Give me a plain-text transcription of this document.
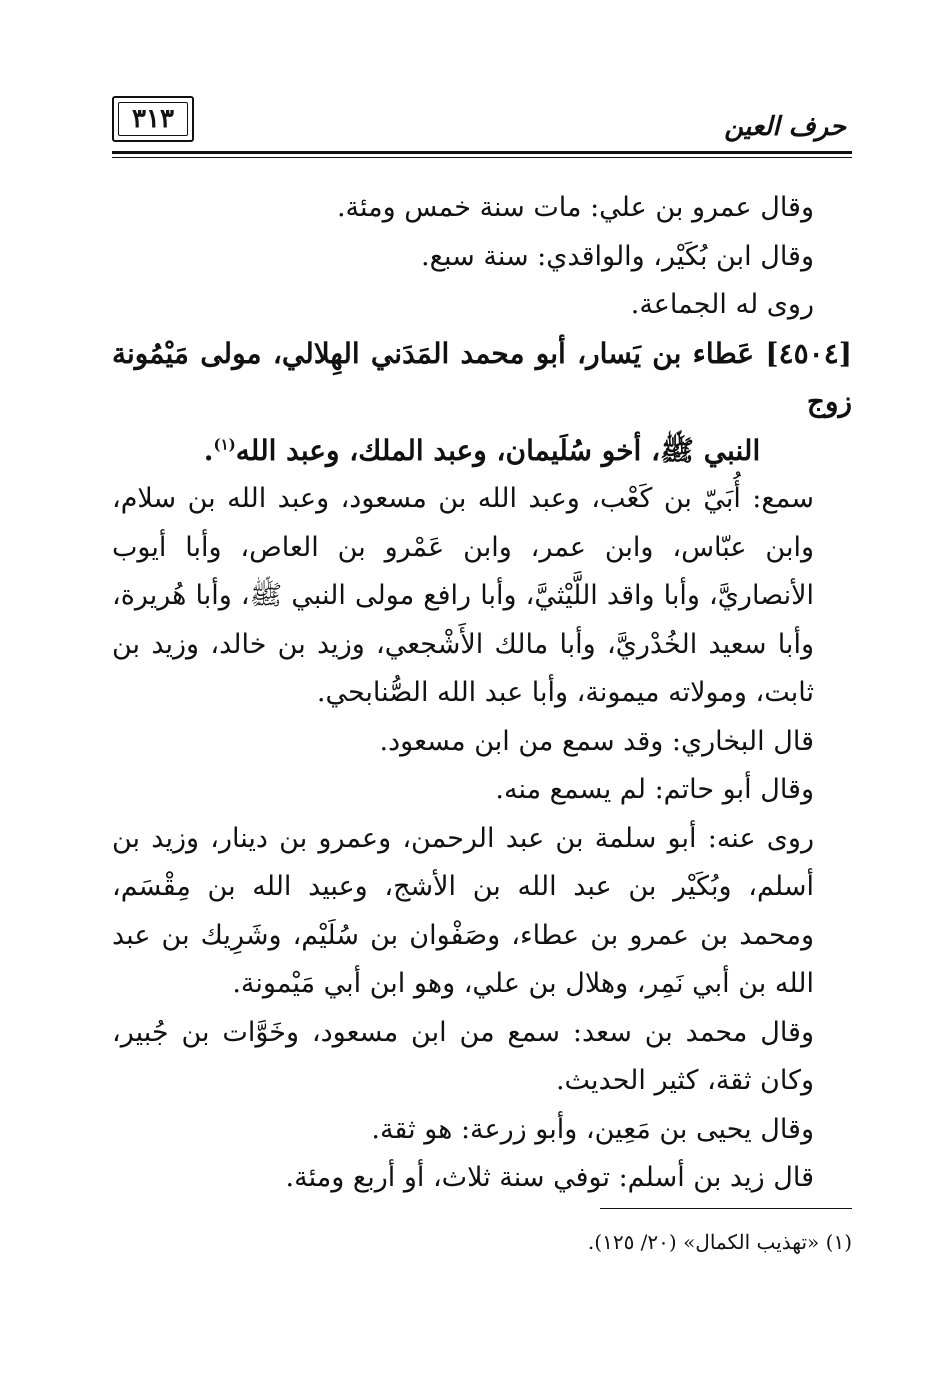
٣١٣	حرف العين

وقال عمرو بن علي: مات سنة خمس ومئة.

وقال ابن بُكَيْر، والواقدي: سنة سبع.

روى له الجماعة.

[٤٥٠٤] عَطاء بن يَسار، أبو محمد المَدَني الهِلالي، مولى مَيْمُونة زوج

النبي ﷺ، أخو سُلَيمان، وعبد الملك، وعبد الله$^{(١)}$.

سمع: أُبَيّ بن كَعْب، وعبد الله بن مسعود، وعبد الله بن سلام، وابن عبّاس، وابن عمر، وابن عَمْرو بن العاص، وأبا أيوب الأنصاريَّ، وأبا واقد اللَّيْثيَّ، وأبا رافع مولى النبي ﷺ، وأبا هُريرة، وأبا سعيد الخُدْريَّ، وأبا مالك الأَشْجعي، وزيد بن خالد، وزيد بن ثابت، ومولاته ميمونة، وأبا عبد الله الصُّنابحي.

قال البخاري: وقد سمع من ابن مسعود.

وقال أبو حاتم: لم يسمع منه.

روى عنه: أبو سلمة بن عبد الرحمن، وعمرو بن دينار، وزيد بن أسلم، وبُكَيْر بن عبد الله بن الأشج، وعبيد الله بن مِقْسَم، ومحمد بن عمرو بن عطاء، وصَفْوان بن سُلَيْم، وشَرِيك بن عبد الله بن أبي نَمِر، وهلال بن علي، وهو ابن أبي مَيْمونة.

وقال محمد بن سعد: سمع من ابن مسعود، وخَوَّات بن جُبير، وكان ثقة، كثير الحديث.

وقال يحيى بن مَعِين، وأبو زرعة: هو ثقة.

قال زيد بن أسلم: توفي سنة ثلاث، أو أربع ومئة.

(١) «تهذيب الكمال» (٢٠/ ١٢٥).
